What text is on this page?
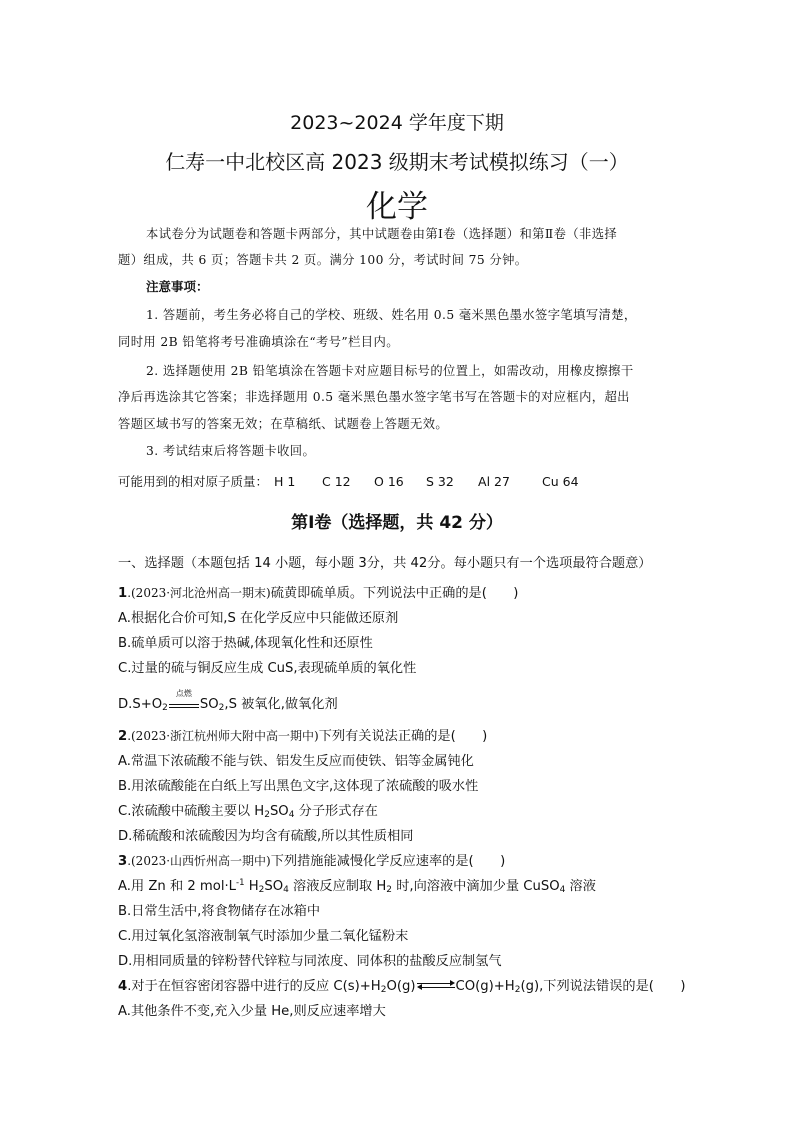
2023~2024 学年度下期
仁寿一中北校区高 2023 级期末考试模拟练习（一）
化学
本试卷分为试题卷和答题卡两部分，其中试题卷由第Ⅰ卷（选择题）和第Ⅱ卷（非选择
题）组成，共 6 页；答题卡共 2 页。满分 100 分，考试时间 75 分钟。
注意事项：
1. 答题前，考生务必将自己的学校、班级、姓名用 0.5 毫米黑色墨水签字笔填写清楚，
同时用 2B 铅笔将考号准确填涂在“考号”栏目内。
2. 选择题使用 2B 铅笔填涂在答题卡对应题目标号的位置上，如需改动，用橡皮擦擦干
净后再选涂其它答案；非选择题用 0.5 毫米黑色墨水签字笔书写在答题卡的对应框内，超出
答题区域书写的答案无效；在草稿纸、试题卷上答题无效。
3. 考试结束后将答题卡收回。
可能用到的相对原子质量： H 1 C 12 O 16 S 32 Al 27	Cu 64
第Ⅰ卷（选择题，共 42 分）
一、选择题（本题包括 14 小题，每小题 3分，共 42分。每小题只有一个选项最符合题意）
1.(2023·河北沧州高一期末)硫黄即硫单质。下列说法中正确的是(　　)
A.根据化合价可知,S 在化学反应中只能做还原剂
B.硫单质可以溶于热碱,体现氧化性和还原性
C.过量的硫与铜反应生成 CuS,表现硫单质的氧化性
$D.S+O_2$
点燃
$SO_2,S$ 被氧化,做氧化剂
2.(2023·浙江杭州师大附中高一期中)下列有关说法正确的是(　　)
A.常温下浓硫酸不能与铁、铝发生反应而使铁、铝等金属钝化
B.用浓硫酸能在白纸上写出黑色文字,这体现了浓硫酸的吸水性
C.浓硫酸中硫酸主要以 $H_2SO_4$ 分子形式存在
D.稀硫酸和浓硫酸因为均含有硫酸,所以其性质相同
3.(2023·山西忻州高一期中)下列措施能减慢化学反应速率的是(　　)
A.用 Zn 和 2 $mol\cdot L^{-1}$ $H_2SO_4$ 溶液反应制取 $H_2$ 时,向溶液中滴加少量 CuSO$_4$ 溶液
B.日常生活中,将食物储存在冰箱中
C.用过氧化氢溶液制氧气时添加少量二氧化锰粉末
D.用相同质量的锌粉替代锌粒与同浓度、同体积的盐酸反应制氢气
4.对于在恒容密闭容器中进行的反应 $C(s)+H_2O(g)\rightleftharpoons CO(g)+H_2(g)$,下列说法错误的是(　　)
A.其他条件不变,充入少量 He,则反应速率增大
